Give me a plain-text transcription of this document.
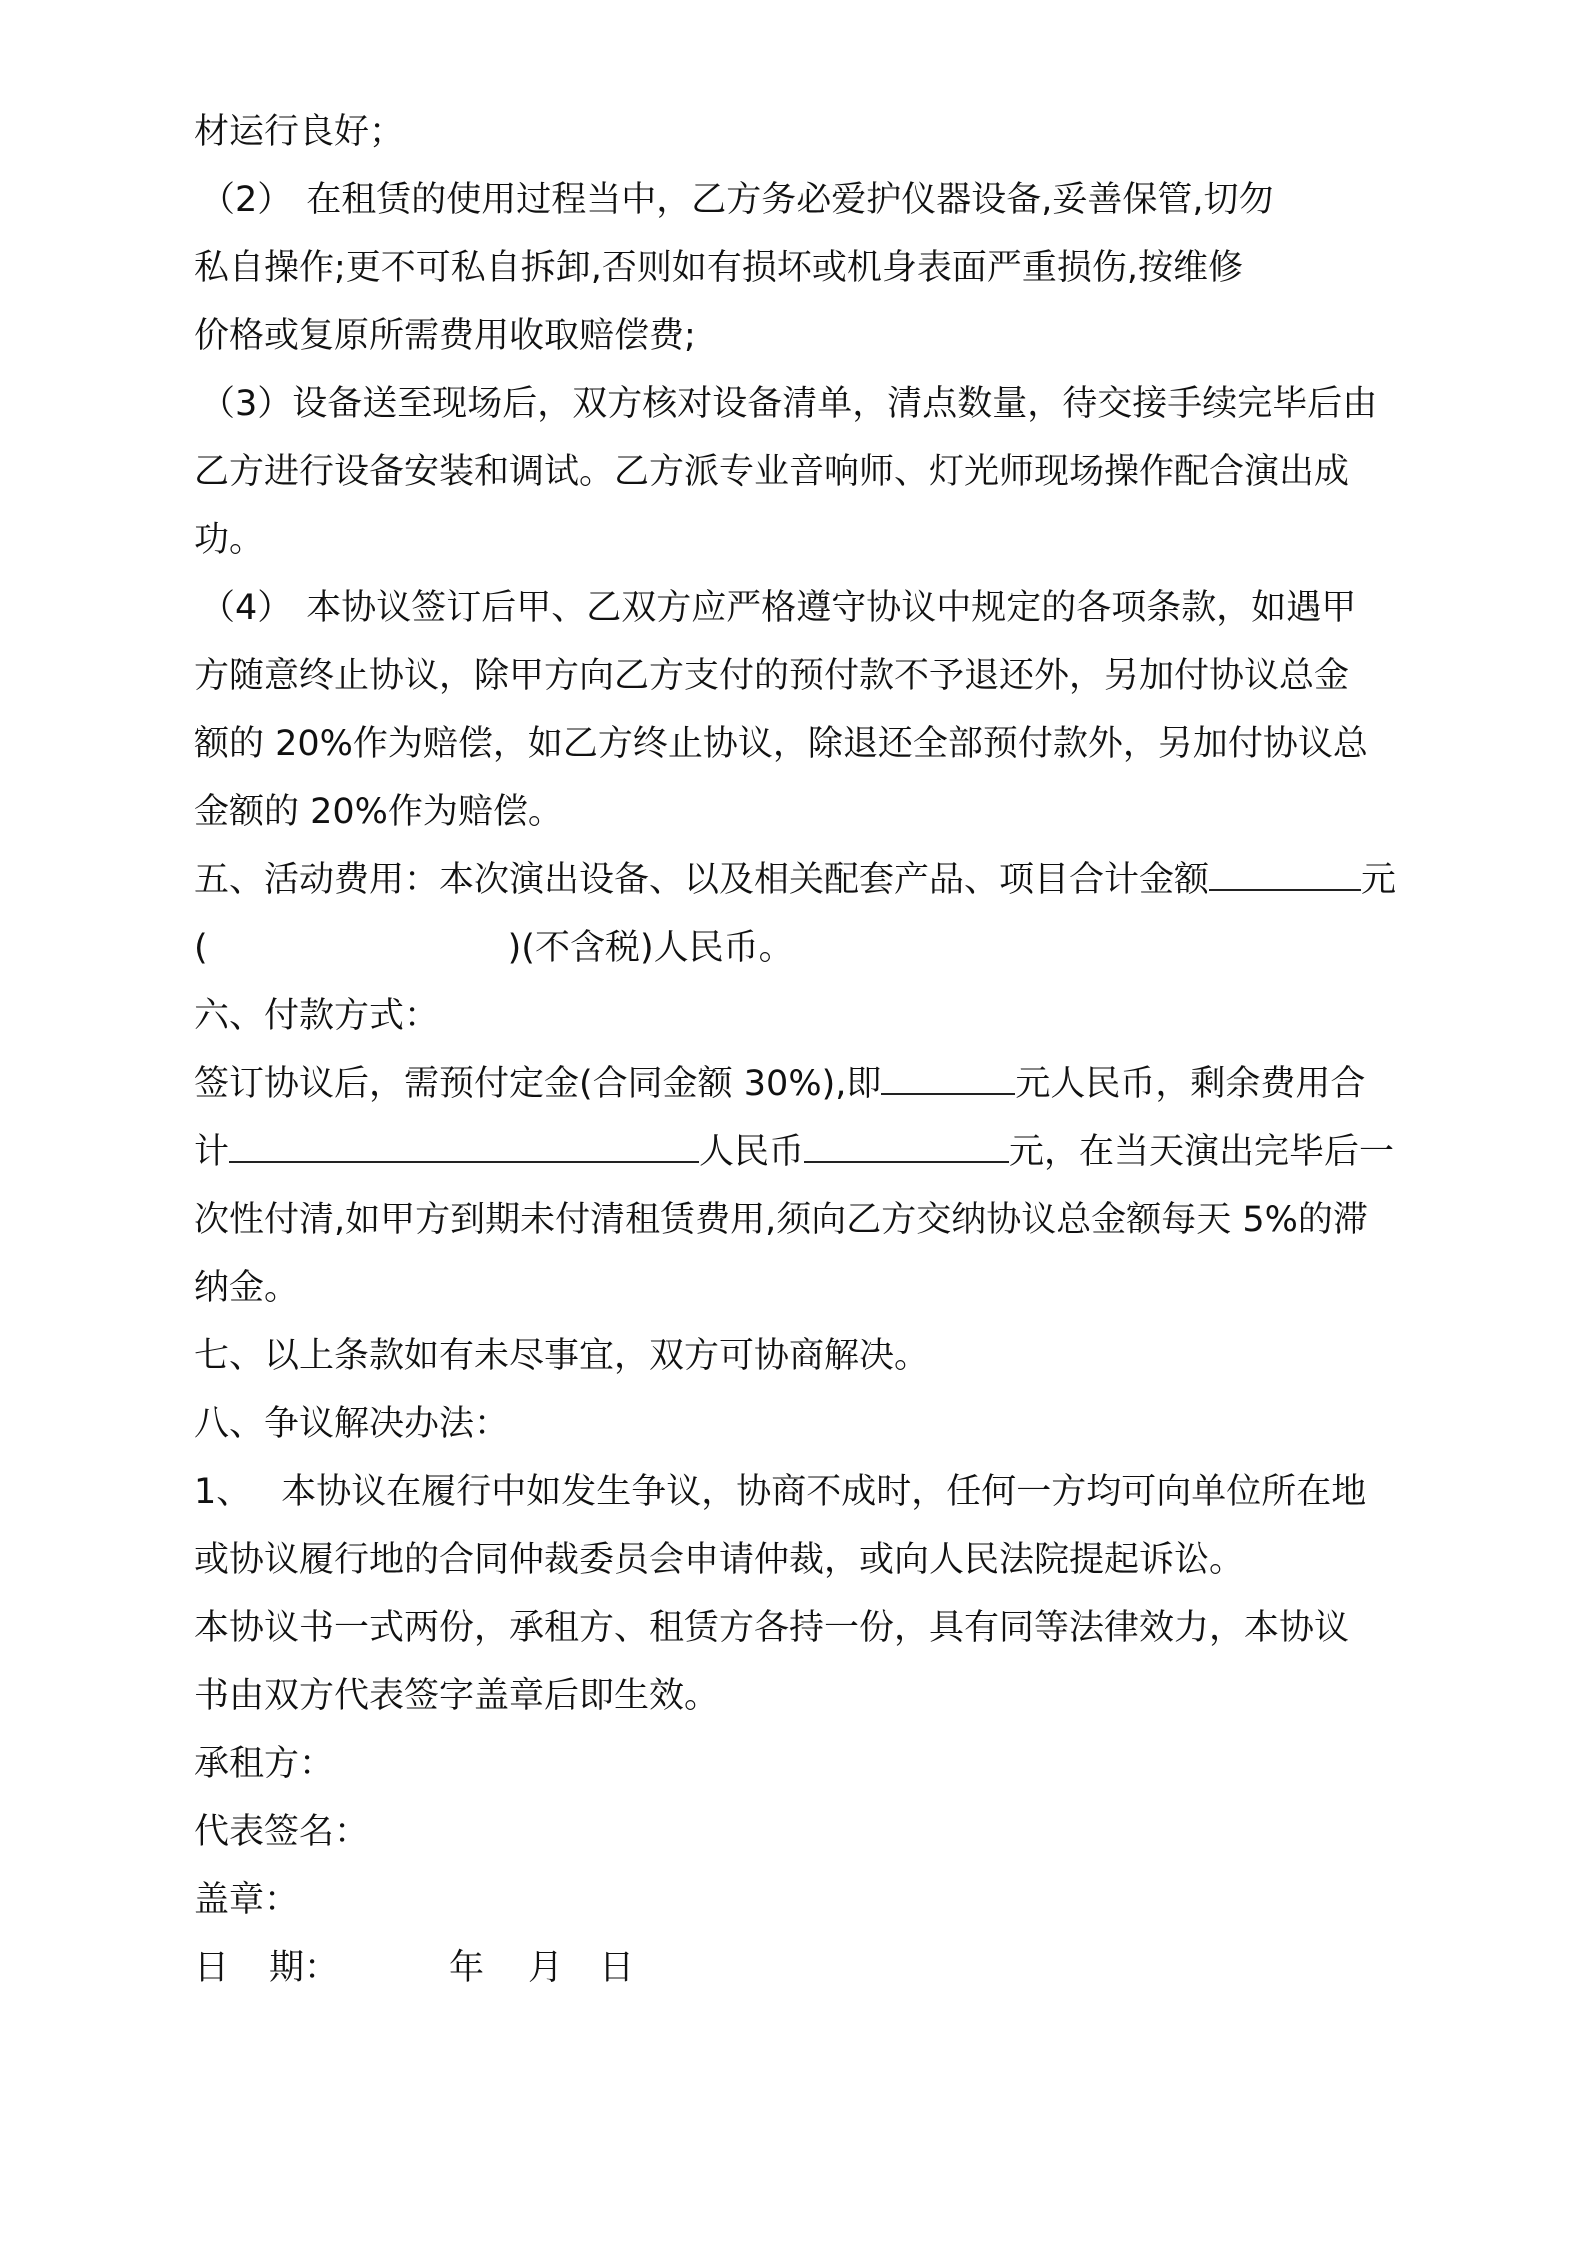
材运行良好；
（2） 在租赁的使用过程当中，乙方务必爱护仪器设备,妥善保管,切勿
私自操作;更不可私自拆卸,否则如有损坏或机身表面严重损伤,按维修
价格或复原所需费用收取赔偿费;
（3）设备送至现场后，双方核对设备清单，清点数量，待交接手续完毕后由
乙方进行设备安装和调试。乙方派专业音响师、灯光师现场操作配合演出成
功。
（4） 本协议签订后甲、乙双方应严格遵守协议中规定的各项条款，如遇甲
方随意终止协议，除甲方向乙方支付的预付款不予退还外，另加付协议总金
额的 20%作为赔偿，如乙方终止协议，除退还全部预付款外，另加付协议总
金额的 20%作为赔偿。
五、活动费用：本次演出设备、以及相关配套产品、项目合计金额	元
(	)(不含税)人民币。
六、付款方式：
签订协议后，需预付定金(合同金额 30%),即	元人民币，剩余费用合
计	人民币	元，在当天演出完毕后一
次性付清,如甲方到期未付清租赁费用,须向乙方交纳协议总金额每天 5%的滞
纳金。
七、以上条款如有未尽事宜，双方可协商解决。
八、争议解决办法：
1、 本协议在履行中如发生争议，协商不成时，任何一方均可向单位所在地
或协议履行地的合同仲裁委员会申请仲裁，或向人民法院提起诉讼。
本协议书一式两份，承租方、租赁方各持一份，具有同等法律效力，本协议
书由双方代表签字盖章后即生效。
承租方：
代表签名：
盖章：
日 期：	年 月 日
